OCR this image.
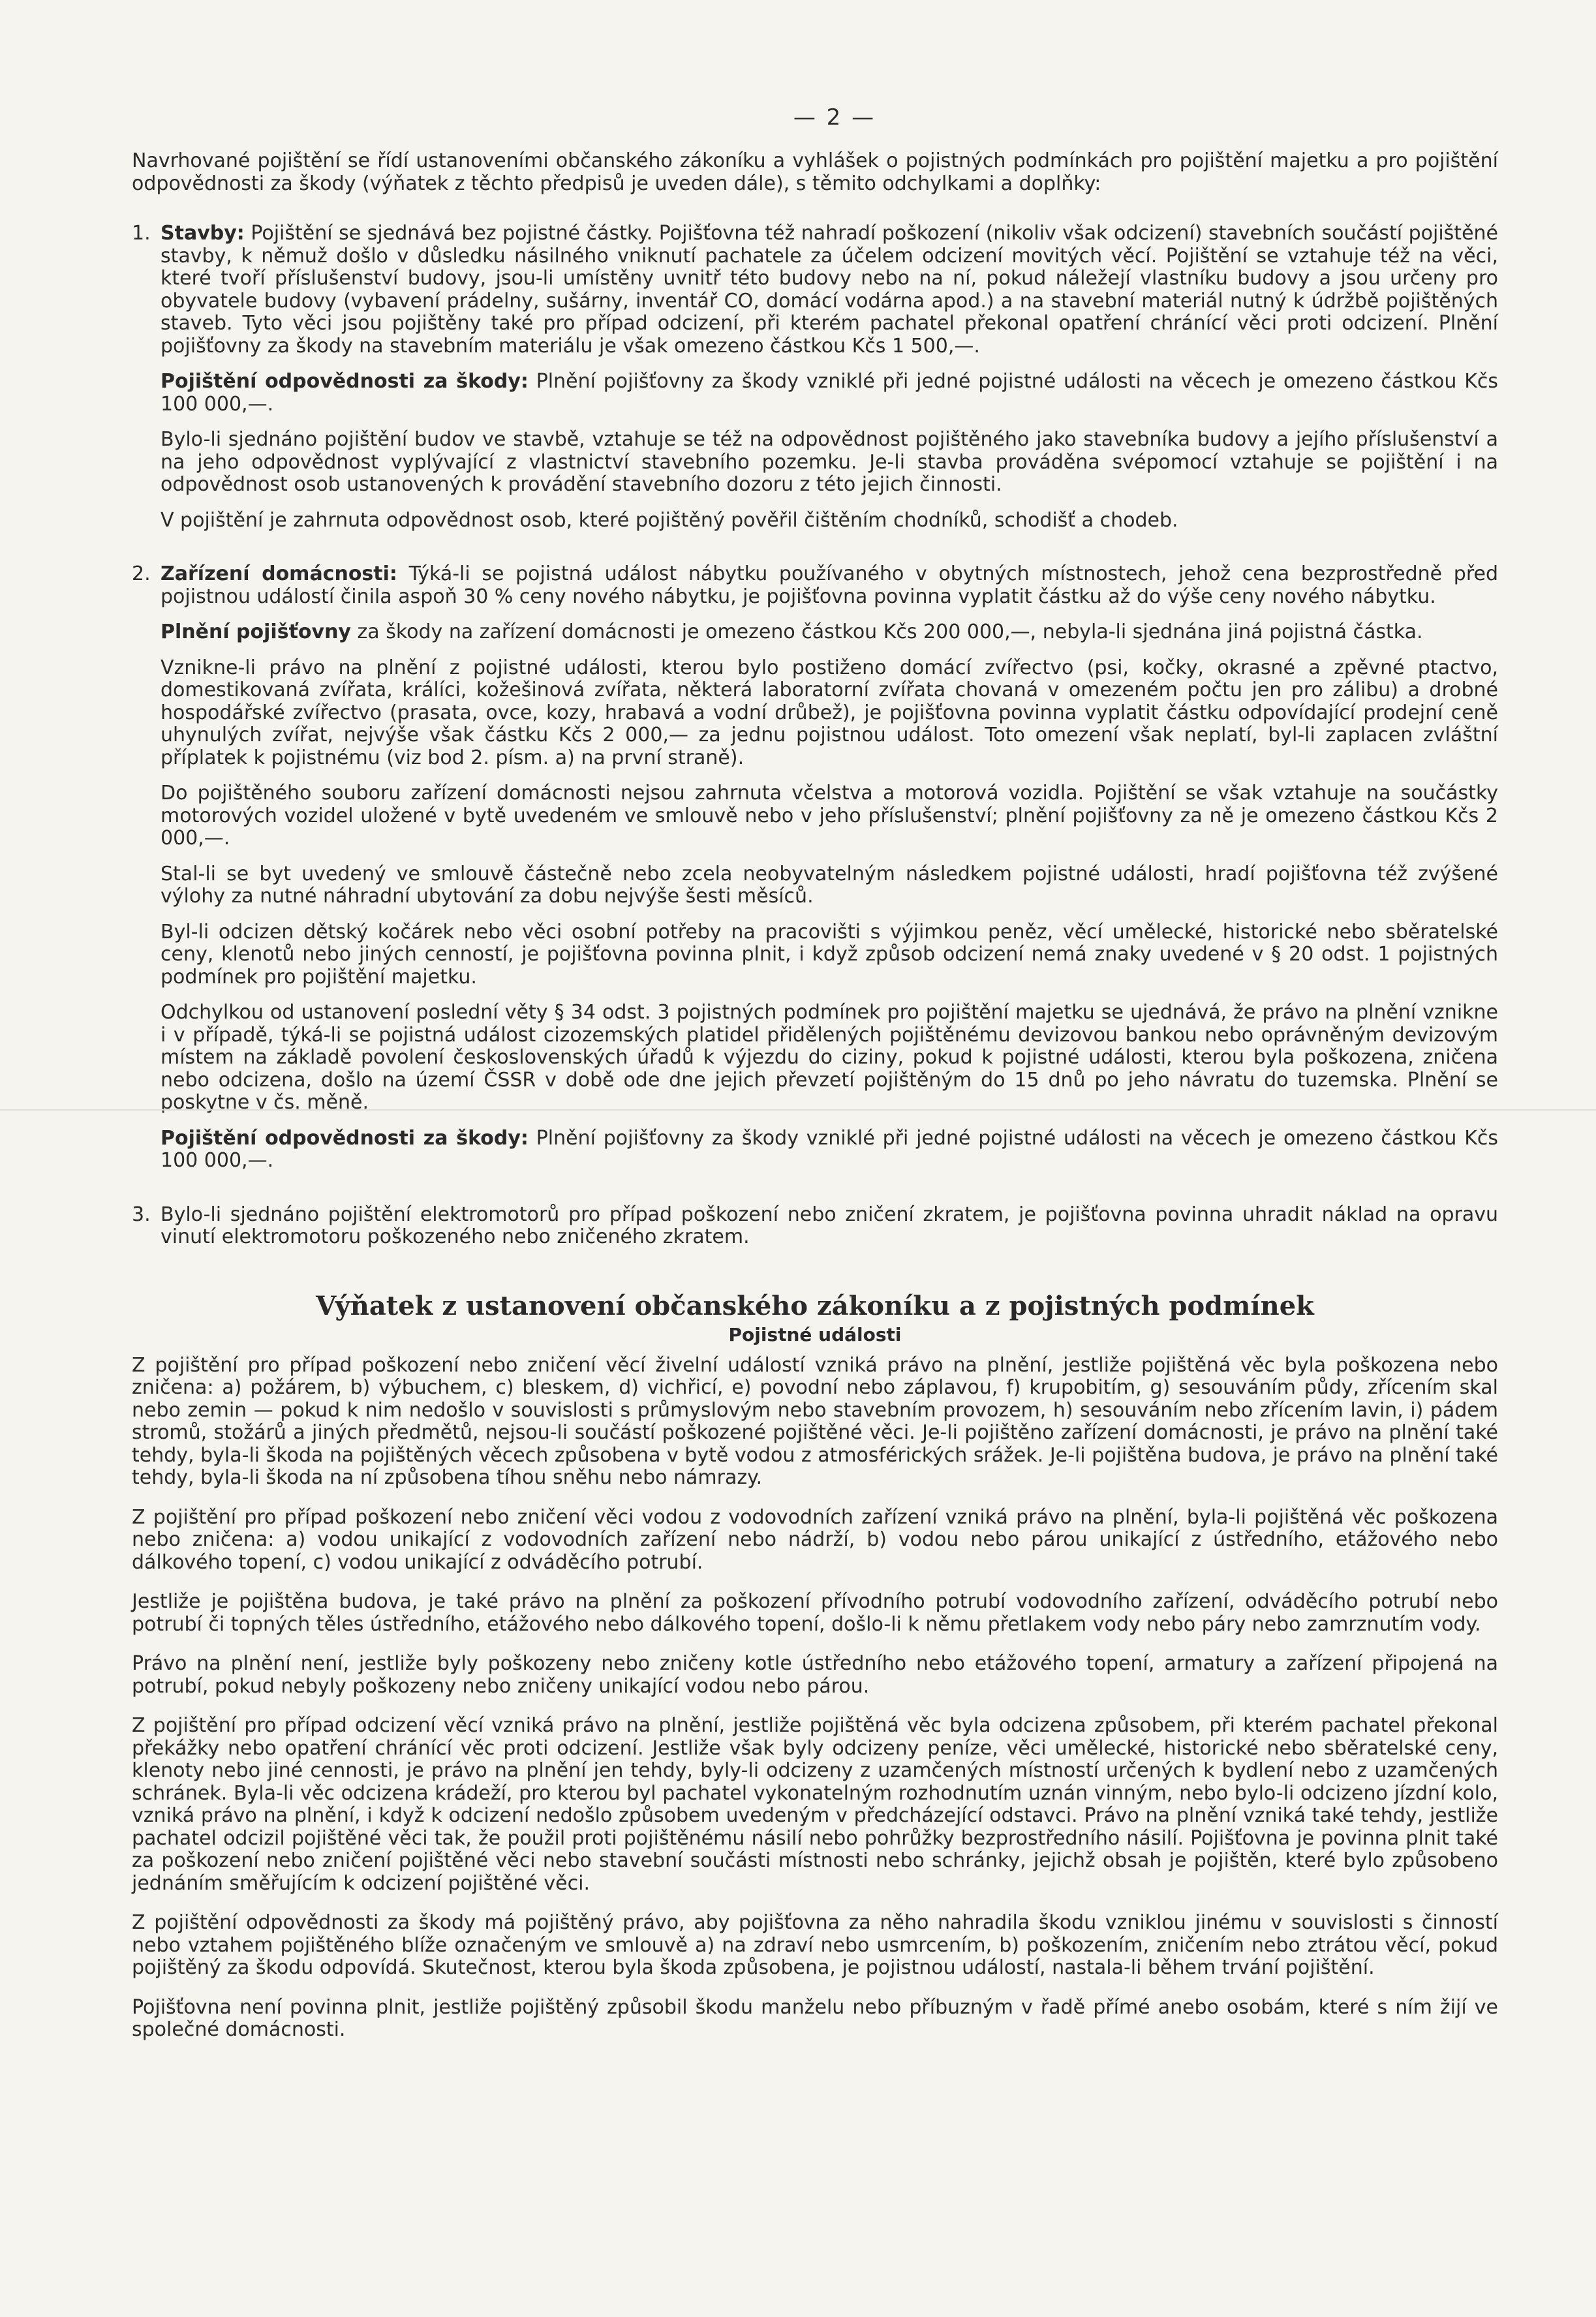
— 2 —

Navrhované pojištění se řídí ustanoveními občanského zákoníku a vyhlášek o pojistných podmínkách pro pojištění majetku a pro pojištění odpovědnosti za škody (výňatek z těchto předpisů je uveden dále), s těmito odchylkami a doplňky:

1. Stavby: Pojištění se sjednává bez pojistné částky. Pojišťovna též nahradí poškození (nikoliv však odcizení) stavebních součástí pojištěné stavby, k němuž došlo v důsledku násilného vniknutí pachatele za účelem odcizení movitých věcí. Pojištění se vztahuje též na věci, které tvoří příslušenství budovy, jsou-li umístěny uvnitř této budovy nebo na ní, pokud náležejí vlastníku budovy a jsou určeny pro obyvatele budovy (vybavení prádelny, sušárny, inventář CO, domácí vodárna apod.) a na stavební materiál nutný k údržbě pojištěných staveb. Tyto věci jsou pojištěny také pro případ odcizení, při kterém pachatel překonal opatření chránící věci proti odcizení. Plnění pojišťovny za škody na stavebním materiálu je však omezeno částkou Kčs 1 500,—.

Pojištění odpovědnosti za škody: Plnění pojišťovny za škody vzniklé při jedné pojistné události na věcech je omezeno částkou Kčs 100 000,—.

Bylo-li sjednáno pojištění budov ve stavbě, vztahuje se též na odpovědnost pojištěného jako stavebníka budovy a jejího příslušenství a na jeho odpovědnost vyplývající z vlastnictví stavebního pozemku. Je-li stavba prováděna svépomocí vztahuje se pojištění i na odpovědnost osob ustanovených k provádění stavebního dozoru z této jejich činnosti.

V pojištění je zahrnuta odpovědnost osob, které pojištěný pověřil čištěním chodníků, schodišť a chodeb.

2. Zařízení domácnosti: Týká-li se pojistná událost nábytku používaného v obytných místnostech, jehož cena bezprostředně před pojistnou událostí činila aspoň 30 % ceny nového nábytku, je pojišťovna povinna vyplatit částku až do výše ceny nového nábytku.

Plnění pojišťovny za škody na zařízení domácnosti je omezeno částkou Kčs 200 000,—, nebyla-li sjednána jiná pojistná částka.

Vznikne-li právo na plnění z pojistné události, kterou bylo postiženo domácí zvířectvo (psi, kočky, okrasné a zpěvné ptactvo, domestikovaná zvířata, králíci, kožešinová zvířata, některá laboratorní zvířata chovaná v omezeném počtu jen pro zálibu) a drobné hospodářské zvířectvo (prasata, ovce, kozy, hrabavá a vodní drůbež), je pojišťovna povinna vyplatit částku odpovídající prodejní ceně uhynulých zvířat, nejvýše však částku Kčs 2 000,— za jednu pojistnou událost. Toto omezení však neplatí, byl-li zaplacen zvláštní příplatek k pojistnému (viz bod 2. písm. a) na první straně).

Do pojištěného souboru zařízení domácnosti nejsou zahrnuta včelstva a motorová vozidla. Pojištění se však vztahuje na součástky motorových vozidel uložené v bytě uvedeném ve smlouvě nebo v jeho příslušenství; plnění pojišťovny za ně je omezeno částkou Kčs 2 000,—.

Stal-li se byt uvedený ve smlouvě částečně nebo zcela neobyvatelným následkem pojistné události, hradí pojišťovna též zvýšené výlohy za nutné náhradní ubytování za dobu nejvýše šesti měsíců.

Byl-li odcizen dětský kočárek nebo věci osobní potřeby na pracovišti s výjimkou peněz, věcí umělecké, historické nebo sběratelské ceny, klenotů nebo jiných cenností, je pojišťovna povinna plnit, i když způsob odcizení nemá znaky uvedené v § 20 odst. 1 pojistných podmínek pro pojištění majetku.

Odchylkou od ustanovení poslední věty § 34 odst. 3 pojistných podmínek pro pojištění majetku se ujednává, že právo na plnění vznikne i v případě, týká-li se pojistná událost cizozemských platidel přidělených pojištěnému devizovou bankou nebo oprávněným devizovým místem na základě povolení československých úřadů k výjezdu do ciziny, pokud k pojistné události, kterou byla poškozena, zničena nebo odcizena, došlo na území ČSSR v době ode dne jejich převzetí pojištěným do 15 dnů po jeho návratu do tuzemska. Plnění se poskytne v čs. měně.

Pojištění odpovědnosti za škody: Plnění pojišťovny za škody vzniklé při jedné pojistné události na věcech je omezeno částkou Kčs 100 000,—.

3. Bylo-li sjednáno pojištění elektromotorů pro případ poškození nebo zničení zkratem, je pojišťovna povinna uhradit náklad na opravu vinutí elektromotoru poškozeného nebo zničeného zkratem.

Výňatek z ustanovení občanského zákoníku a z pojistných podmínek
Pojistné události

Z pojištění pro případ poškození nebo zničení věcí živelní událostí vzniká právo na plnění, jestliže pojištěná věc byla poškozena nebo zničena: a) požárem, b) výbuchem, c) bleskem, d) vichřicí, e) povodní nebo záplavou, f) krupobitím, g) sesouváním půdy, zřícením skal nebo zemin — pokud k nim nedošlo v souvislosti s průmyslovým nebo stavebním provozem, h) sesouváním nebo zřícením lavin, i) pádem stromů, stožárů a jiných předmětů, nejsou-li součástí poškozené pojištěné věci. Je-li pojištěno zařízení domácnosti, je právo na plnění také tehdy, byla-li škoda na pojištěných věcech způsobena v bytě vodou z atmosférických srážek. Je-li pojištěna budova, je právo na plnění také tehdy, byla-li škoda na ní způsobena tíhou sněhu nebo námrazy.

Z pojištění pro případ poškození nebo zničení věci vodou z vodovodních zařízení vzniká právo na plnění, byla-li pojištěná věc poškozena nebo zničena: a) vodou unikající z vodovodních zařízení nebo nádrží, b) vodou nebo párou unikající z ústředního, etážového nebo dálkového topení, c) vodou unikající z odváděcího potrubí.

Jestliže je pojištěna budova, je také právo na plnění za poškození přívodního potrubí vodovodního zařízení, odváděcího potrubí nebo potrubí či topných těles ústředního, etážového nebo dálkového topení, došlo-li k němu přetlakem vody nebo páry nebo zamrznutím vody.

Právo na plnění není, jestliže byly poškozeny nebo zničeny kotle ústředního nebo etážového topení, armatury a zařízení připojená na potrubí, pokud nebyly poškozeny nebo zničeny unikající vodou nebo párou.

Z pojištění pro případ odcizení věcí vzniká právo na plnění, jestliže pojištěná věc byla odcizena způsobem, při kterém pachatel překonal překážky nebo opatření chránící věc proti odcizení. Jestliže však byly odcizeny peníze, věci umělecké, historické nebo sběratelské ceny, klenoty nebo jiné cennosti, je právo na plnění jen tehdy, byly-li odcizeny z uzamčených místností určených k bydlení nebo z uzamčených schránek. Byla-li věc odcizena krádeží, pro kterou byl pachatel vykonatelným rozhodnutím uznán vinným, nebo bylo-li odcizeno jízdní kolo, vzniká právo na plnění, i když k odcizení nedošlo způsobem uvedeným v předcházející odstavci. Právo na plnění vzniká také tehdy, jestliže pachatel odcizil pojištěné věci tak, že použil proti pojištěnému násilí nebo pohrůžky bezprostředního násilí. Pojišťovna je povinna plnit také za poškození nebo zničení pojištěné věci nebo stavební součásti místnosti nebo schránky, jejichž obsah je pojištěn, které bylo způsobeno jednáním směřujícím k odcizení pojištěné věci.

Z pojištění odpovědnosti za škody má pojištěný právo, aby pojišťovna za něho nahradila škodu vzniklou jinému v souvislosti s činností nebo vztahem pojištěného blíže označeným ve smlouvě a) na zdraví nebo usmrcením, b) poškozením, zničením nebo ztrátou věcí, pokud pojištěný za škodu odpovídá. Skutečnost, kterou byla škoda způsobena, je pojistnou událostí, nastala-li během trvání pojištění.

Pojišťovna není povinna plnit, jestliže pojištěný způsobil škodu manželu nebo příbuzným v řadě přímé anebo osobám, které s ním žijí ve společné domácnosti.
